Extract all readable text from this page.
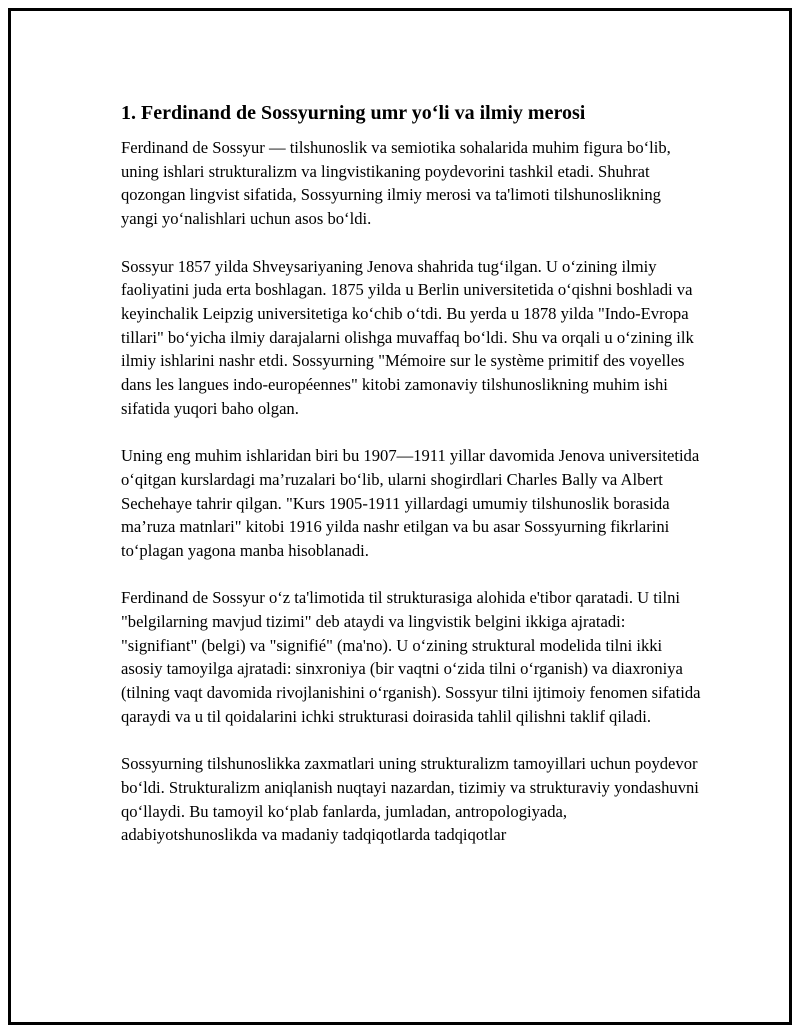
1. Ferdinand de Sossyurning umr yo‘li va ilmiy merosi

Ferdinand de Sossyur — tilshunoslik va semiotika sohalarida muhim figura bo‘lib, uning ishlari strukturalizm va lingvistikaning poydevorini tashkil etadi. Shuhrat qozongan lingvist sifatida, Sossyurning ilmiy merosi va ta'limoti tilshunoslikning yangi yo‘nalishlari uchun asos bo‘ldi.

Sossyur 1857 yilda Shveysariyaning Jenova shahrida tug‘ilgan. U o‘zining ilmiy faoliyatini juda erta boshlagan. 1875 yilda u Berlin universitetida o‘qishni boshladi va keyinchalik Leipzig universitetiga ko‘chib o‘tdi. Bu yerda u 1878 yilda "Indo-Evropa tillari" bo‘yicha ilmiy darajalarni olishga muvaffaq bo‘ldi. Shu va orqali u o‘zining ilk ilmiy ishlarini nashr etdi. Sossyurning "Mémoire sur le système primitif des voyelles dans les langues indo-européennes" kitobi zamonaviy tilshunoslikning muhim ishi sifatida yuqori baho olgan.

Uning eng muhim ishlaridan biri bu 1907—1911 yillar davomida Jenova universitetida o‘qitgan kurslardagi ma’ruzalari bo‘lib, ularni shogirdlari Charles Bally va Albert Sechehaye tahrir qilgan. "Kurs 1905-1911 yillardagi umumiy tilshunoslik borasida ma’ruza matnlari" kitobi 1916 yilda nashr etilgan va bu asar Sossyurning fikrlarini to‘plagan yagona manba hisoblanadi.

Ferdinand de Sossyur o‘z ta'limotida til strukturasiga alohida e'tibor qaratadi. U tilni "belgilarning mavjud tizimi" deb ataydi va lingvistik belgini ikkiga ajratadi: "signifiant" (belgi) va "signifié" (ma'no). U o‘zining struktural modelida tilni ikki asosiy tamoyilga ajratadi: sinxroniya (bir vaqtni o‘zida tilni o‘rganish) va diaxroniya (tilning vaqt davomida rivojlanishini o‘rganish). Sossyur tilni ijtimoiy fenomen sifatida qaraydi va u til qoidalarini ichki strukturasi doirasida tahlil qilishni taklif qiladi.

Sossyurning tilshunoslikka zaxmatlari uning strukturalizm tamoyillari uchun poydevor bo‘ldi. Strukturalizm aniqlanish nuqtayi nazardan, tizimiy va strukturaviy yondashuvni qo‘llaydi. Bu tamoyil ko‘plab fanlarda, jumladan, antropologiyada, adabiyotshunoslikda va madaniy tadqiqotlarda tadqiqotlar
